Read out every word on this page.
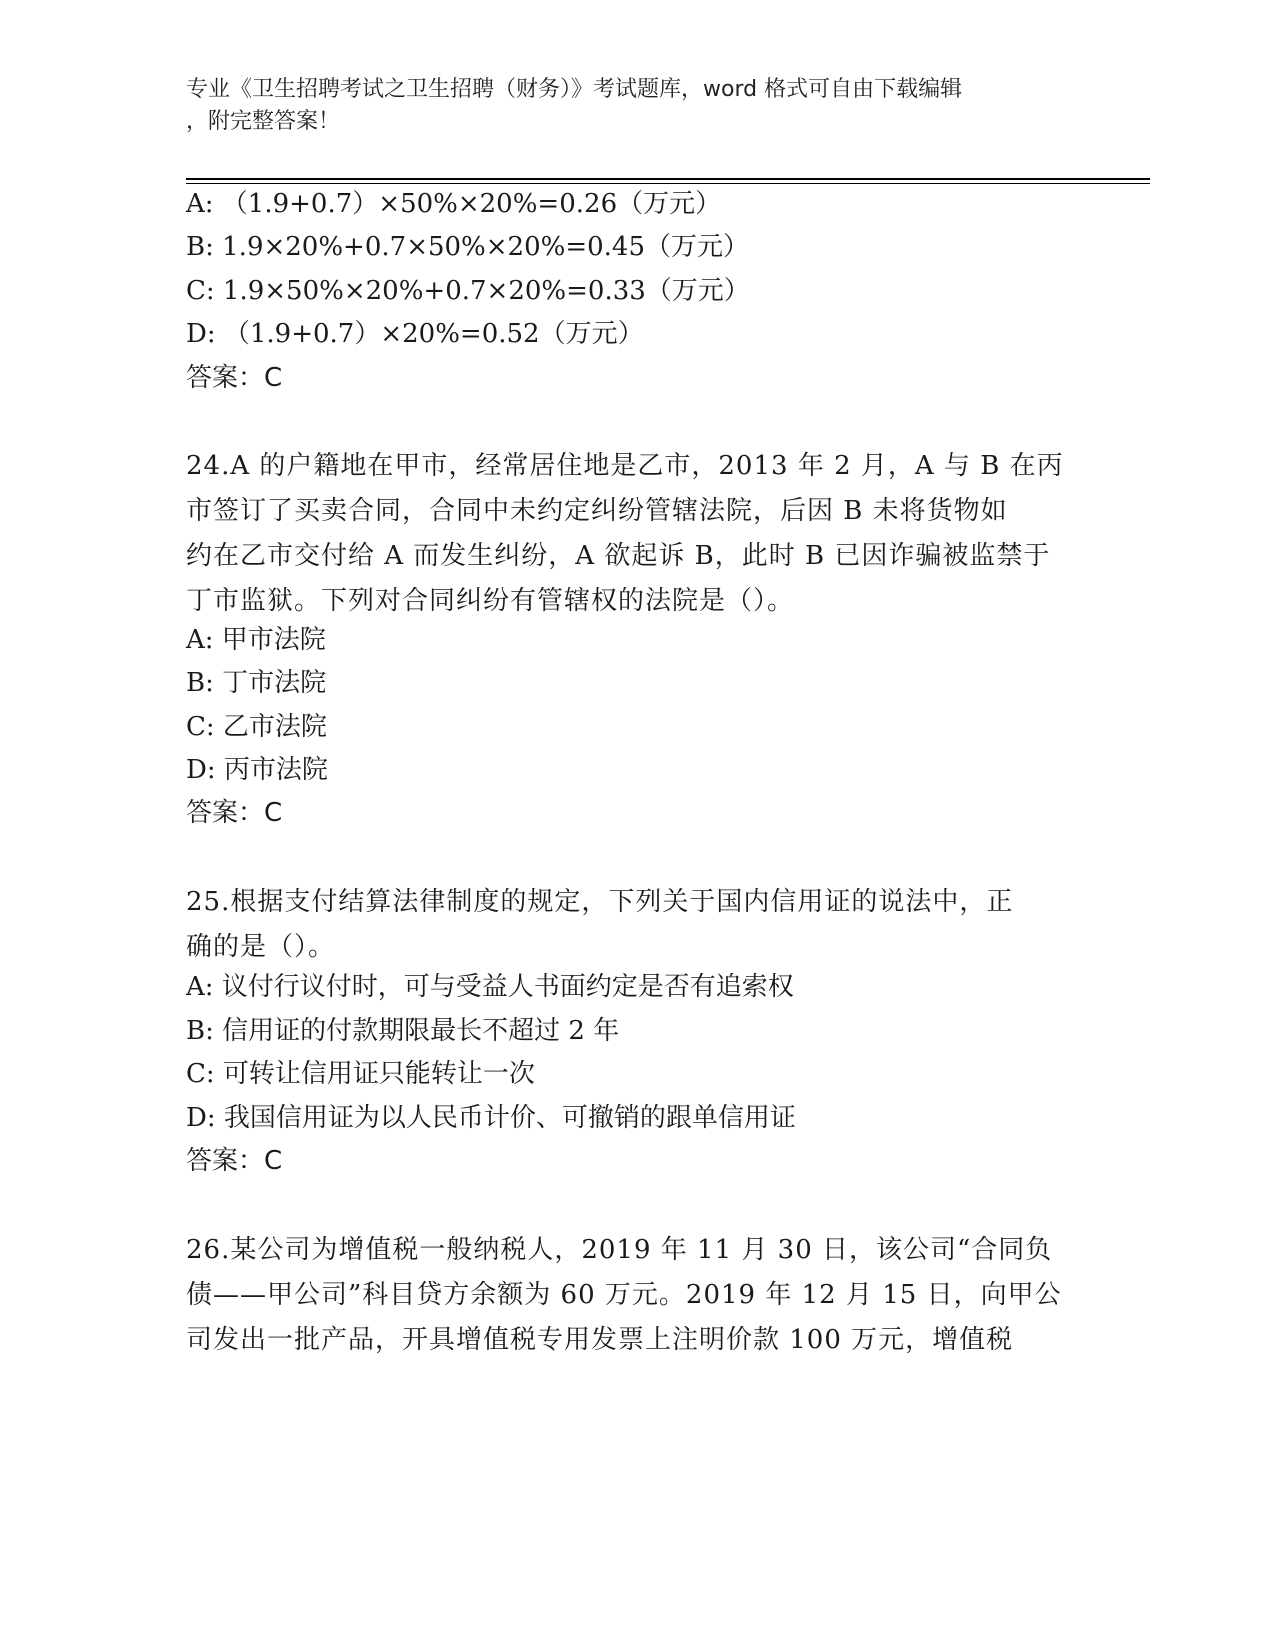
专业《卫生招聘考试之卫生招聘（财务）》考试题库，word 格式可自由下载编辑
，附完整答案！
A: （1.9+0.7）×50%×20%=0.26（万元）
B: 1.9×20%+0.7×50%×20%=0.45（万元）
C: 1.9×50%×20%+0.7×20%=0.33（万元）
D: （1.9+0.7）×20%=0.52（万元）
答案：C
24.A 的户籍地在甲市，经常居住地是乙市，2013 年 2 月，A 与 B 在丙
市签订了买卖合同，合同中未约定纠纷管辖法院，后因 B 未将货物如
约在乙市交付给 A 而发生纠纷，A 欲起诉 B，此时 B 已因诈骗被监禁于
丁市监狱。下列对合同纠纷有管辖权的法院是（）。
A: 甲市法院
B: 丁市法院
C: 乙市法院
D: 丙市法院
答案：C
25.根据支付结算法律制度的规定，下列关于国内信用证的说法中，正
确的是（）。
A: 议付行议付时，可与受益人书面约定是否有追索权
B: 信用证的付款期限最长不超过 2 年
C: 可转让信用证只能转让一次
D: 我国信用证为以人民币计价、可撤销的跟单信用证
答案：C
26.某公司为增值税一般纳税人，2019 年 11 月 30 日，该公司“合同负
债——甲公司”科目贷方余额为 60 万元。2019 年 12 月 15 日，向甲公
司发出一批产品，开具增值税专用发票上注明价款 100 万元，增值税
